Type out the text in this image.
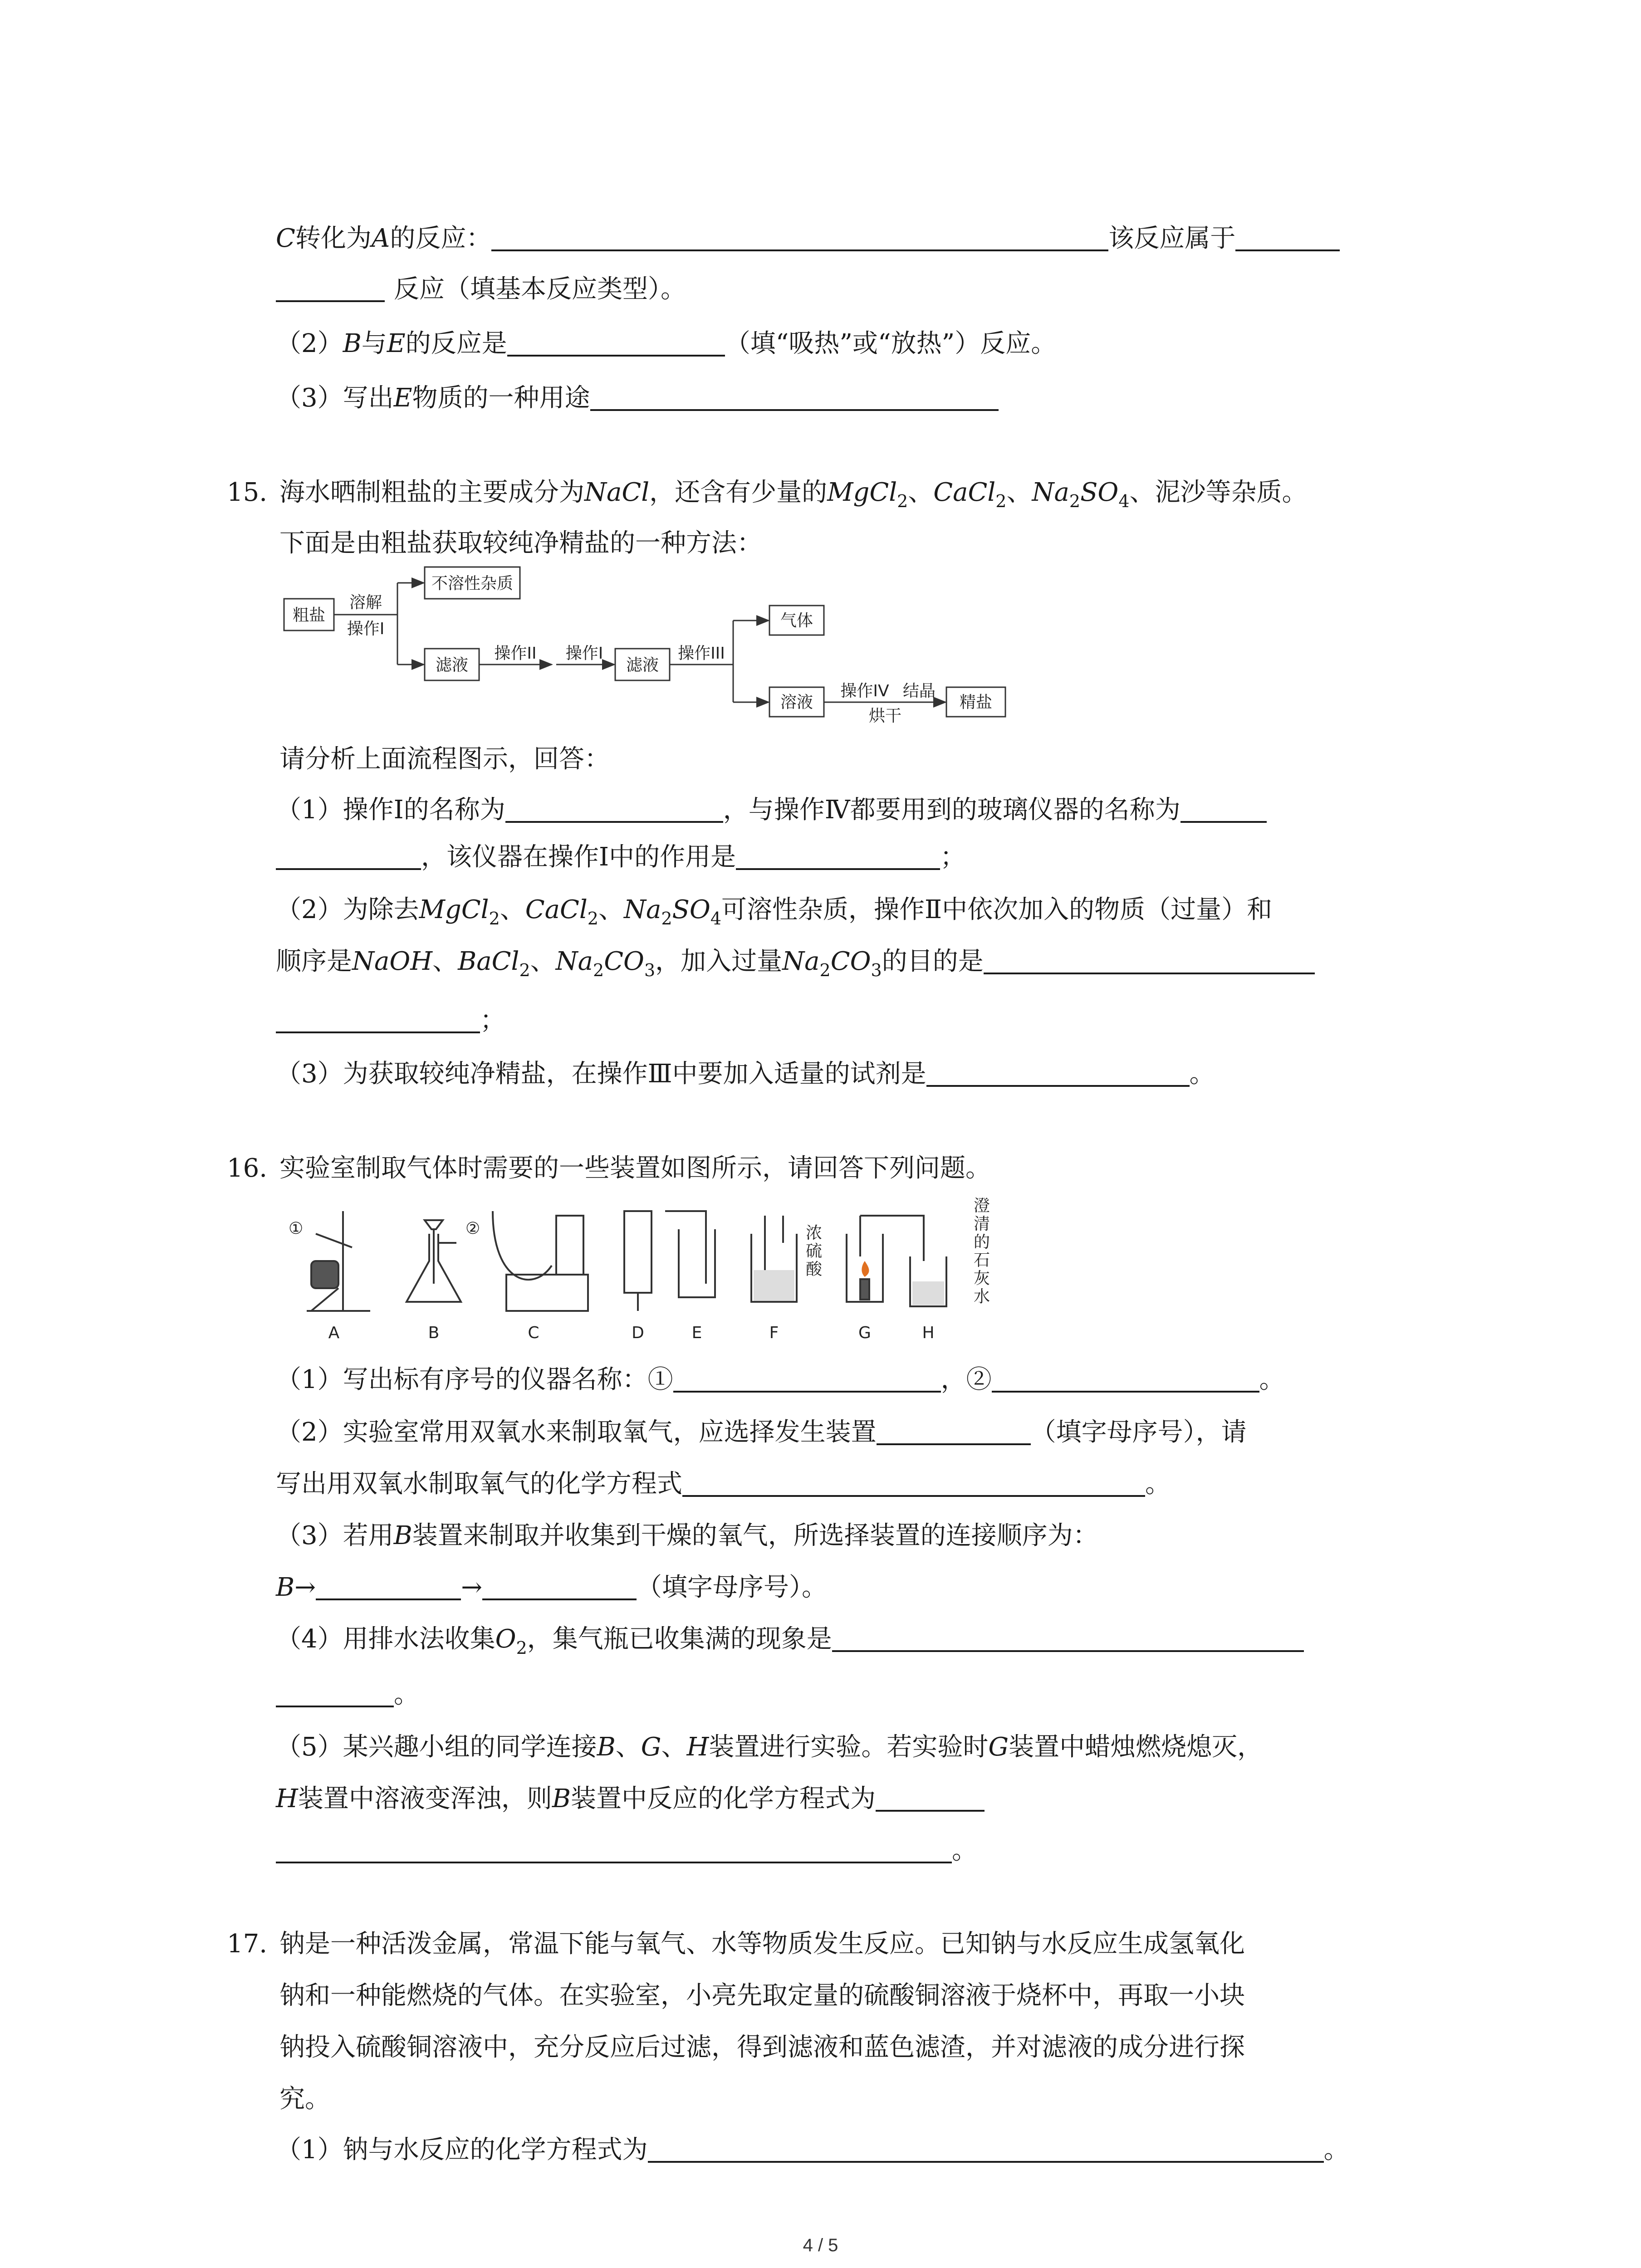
C转化为A的反应：	该反应属于
反应（填基本反应类型）。
（2）B与E的反应是	（填“吸热”或“放热”）反应。
（3）写出E物质的一种用途
15. 海水晒制粗盐的主要成分为NaCl，还含有少量的MgCl$_2$、CaCl$_2$、$Na_2SO_4$、泥沙等杂质。
下面是由粗盐获取较纯净精盐的一种方法：
粗盐
溶解
操作I
不溶性杂质
滤液
操作II 操作I
滤液
操作III
气体
溶液
操作IV 结晶
烘干
精盐
请分析上面流程图示，回答：
（1）操作Ⅰ的名称为	，与操作Ⅳ都要用到的玻璃仪器的名称为
，该仪器在操作Ⅰ中的作用是	；
（2）为除去MgCl$_2$、CaCl$_2$、$Na_2SO_4$可溶性杂质，操作Ⅱ中依次加入的物质（过量）和
顺序是NaOH、BaCl$_2$、$Na_2CO_3$，加入过量$Na_2CO_3$的目的是
；
（3）为获取较纯净精盐，在操作Ⅲ中要加入适量的试剂是	。
16. 实验室制取气体时需要的一些装置如图所示，请回答下列问题。
①	②	浓
硫
酸
澄
清
的
石
灰
水
A	B	C	D	E	F	G	H
（1）写出标有序号的仪器名称：①	，②	。
（2）实验室常用双氧水来制取氧气，应选择发生装置	（填字母序号），请
写出用双氧水制取氧气的化学方程式	。
（3）若用B装置来制取并收集到干燥的氧气，所选择装置的连接顺序为：
B→	→	（填字母序号）。
（4）用排水法收集$O_2$，集气瓶已收集满的现象是
。
（5）某兴趣小组的同学连接B、G、H装置进行实验。若实验时G装置中蜡烛燃烧熄灭，
H装置中溶液变浑浊，则B装置中反应的化学方程式为
。
17. 钠是一种活泼金属，常温下能与氧气、水等物质发生反应。已知钠与水反应生成氢氧化
钠和一种能燃烧的气体。在实验室，小亮先取定量的硫酸铜溶液于烧杯中，再取一小块
钠投入硫酸铜溶液中，充分反应后过滤，得到滤液和蓝色滤渣，并对滤液的成分进行探
究。
（1）钠与水反应的化学方程式为	。
4 / 5
